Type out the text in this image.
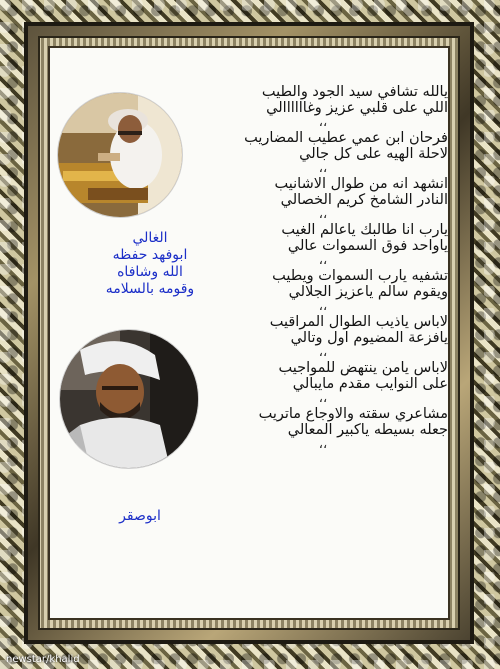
الغالي
ابوفهد حفظه
الله وشافاه
وقومه بالسلامه
ابوصقر
يالله تشافي سيد الجود والطيب
اللي على قلبي عزيز وغاااااالي
،،
فرحان ابن عمي عطيب المضاريب
لاحلة الهيه على كل جالي
،،
انشهد انه من طوال الاشانيب
النادر الشامخ كريم الخصالي
،،
يارب انا طالبك ياعالم الغيب
ياواحد فوق السموات عالي
،،
تشفيه يارب السموات ويطيب
ويقوم سالم ياعزيز الجلالي
،،
لاباس ياذيب الطوال المراقيب
يافزعة المضيوم اول وتالي
،،
لاباس يامن ينتهض للمواجيب
على النوايب مقدم مايبالي
،،
مشاعري سقته والاوجاع ماتريب
جعله بسيطه ياكبير المعالي
،،
newstar/khalid
